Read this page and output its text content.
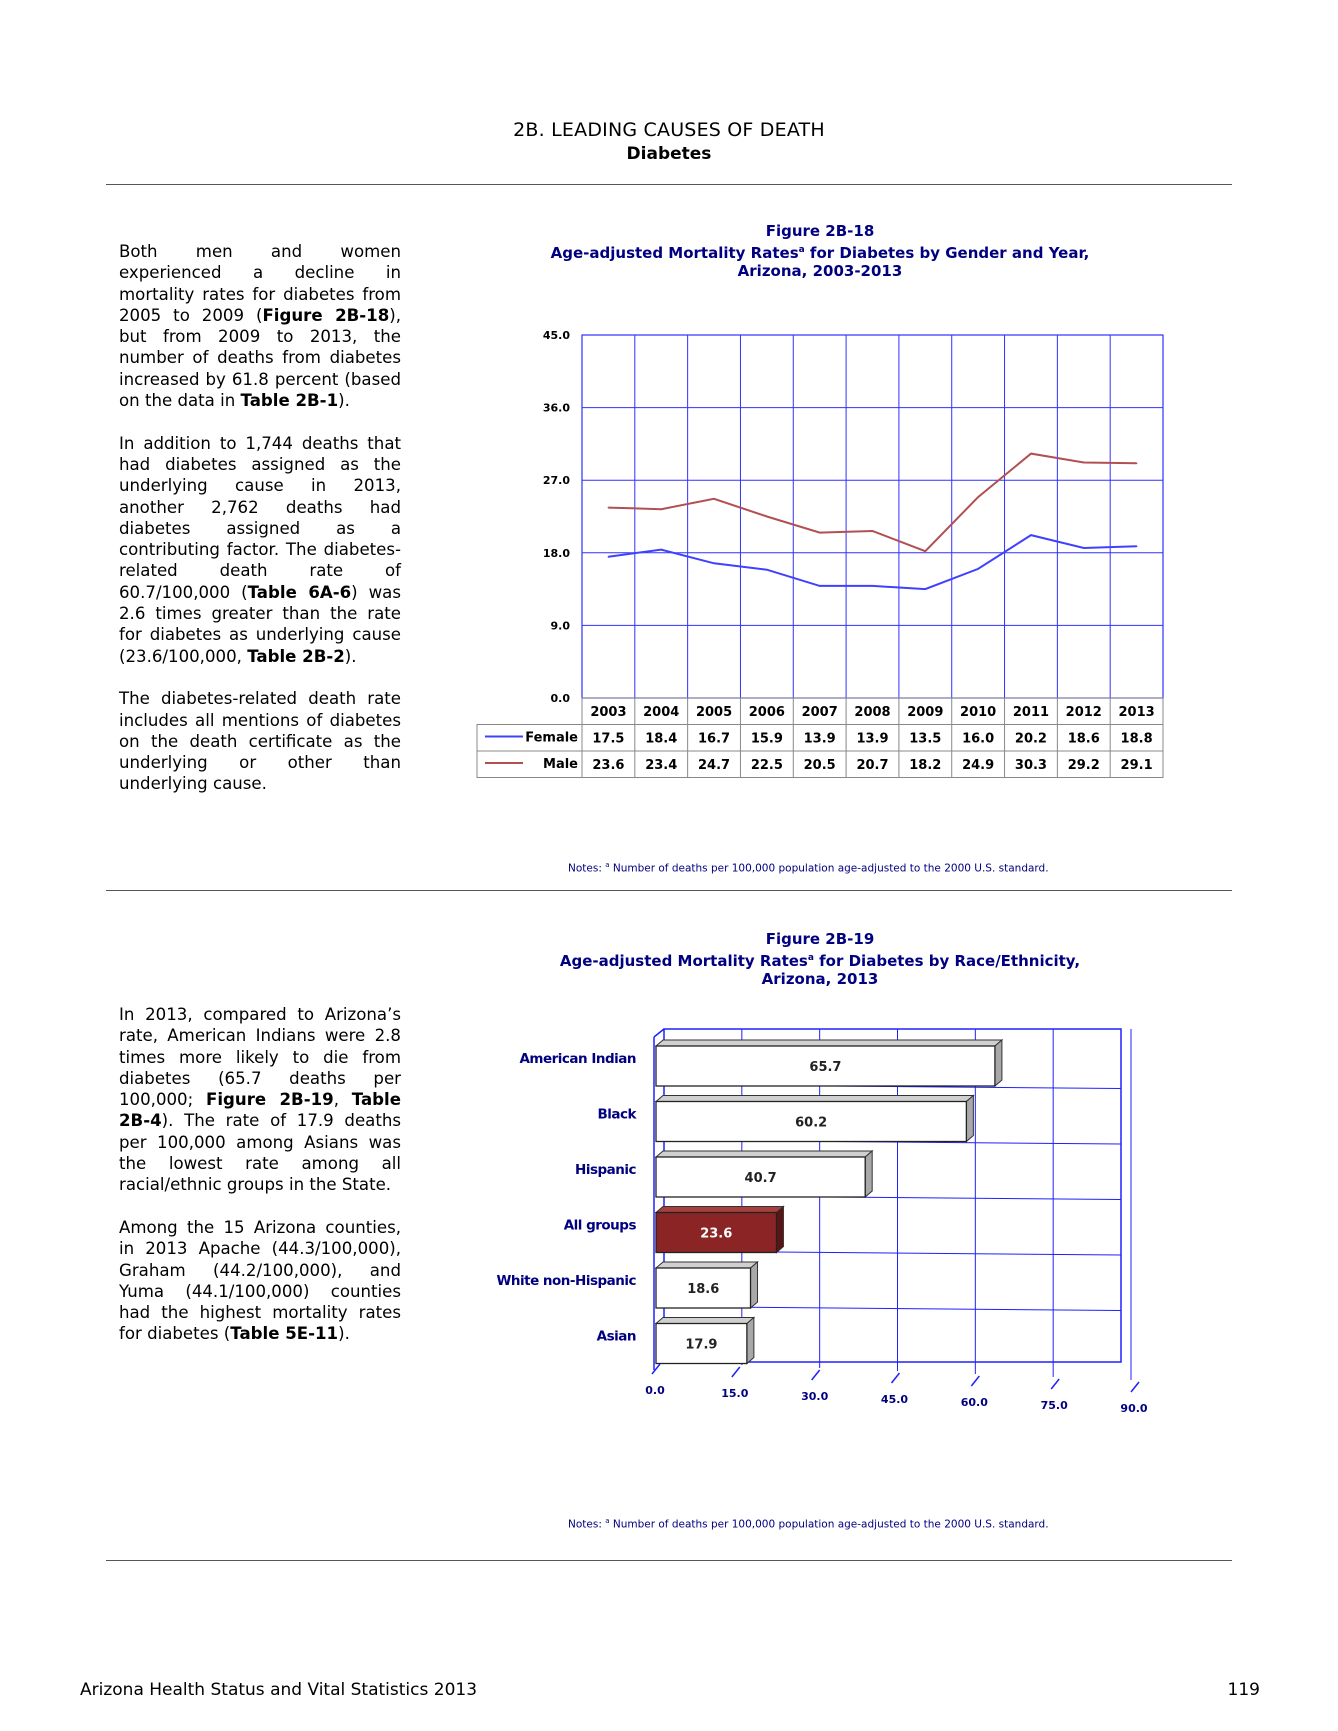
2B. LEADING CAUSES OF DEATH
Diabetes

Both men and women experienced a decline in mortality rates for diabetes from 2005 to 2009 (Figure 2B-18), but from 2009 to 2013, the number of deaths from diabetes increased by 61.8 percent (based on the data in Table 2B-1).

In addition to 1,744 deaths that had diabetes assigned as the underlying cause in 2013, another 2,762 deaths had diabetes assigned as a contributing factor. The diabetes-related death rate of 60.7/100,000 (Table 6A-6) was 2.6 times greater than the rate for diabetes as underlying cause (23.6/100,000, Table 2B-2).

The diabetes-related death rate includes all mentions of diabetes on the death certificate as the underlying or other than underlying cause.

Figure 2B-18
Age-adjusted Mortality Rates$^a$ for Diabetes by Gender and Year,
Arizona, 2003-2013
0.0
9.0
18.0
27.0
36.0
45.0
2003 2004 2005 2006 2007 2008 2009 2010 2011 2012 2013
Female 17.5 18.4 16.7 15.9 13.9 13.9 13.5 16.0 20.2 18.6 18.8
Male 23.6 23.4 24.7 22.5 20.5 20.7 18.2 24.9 30.3 29.2 29.1
Notes: $^a$ Number of deaths per 100,000 population age-adjusted to the 2000 U.S. standard.
Figure 2B-19
Age-adjusted Mortality Rates$^a$ for Diabetes by Race/Ethnicity,
Arizona, 2013

In 2013, compared to Arizona’s rate, American Indians were 2.8 times more likely to die from diabetes (65.7 deaths per 100,000; Figure 2B-19, Table 2B-4). The rate of 17.9 deaths per 100,000 among Asians was the lowest rate among all racial/ethnic groups in the State.

Among the 15 Arizona counties, in 2013 Apache (44.3/100,000), Graham (44.2/100,000), and Yuma (44.1/100,000) counties had the highest mortality rates for diabetes (Table 5E-11).

0.0	15.0	30.0	45.0	60.0	75.0	90.0
65.7
American Indian
60.2
Black
40.7
Hispanic
23.6
All groups
18.6
White non-Hispanic
17.9
Asian
Notes: $^a$ Number of deaths per 100,000 population age-adjusted to the 2000 U.S. standard.
Arizona Health Status and Vital Statistics 2013	119
